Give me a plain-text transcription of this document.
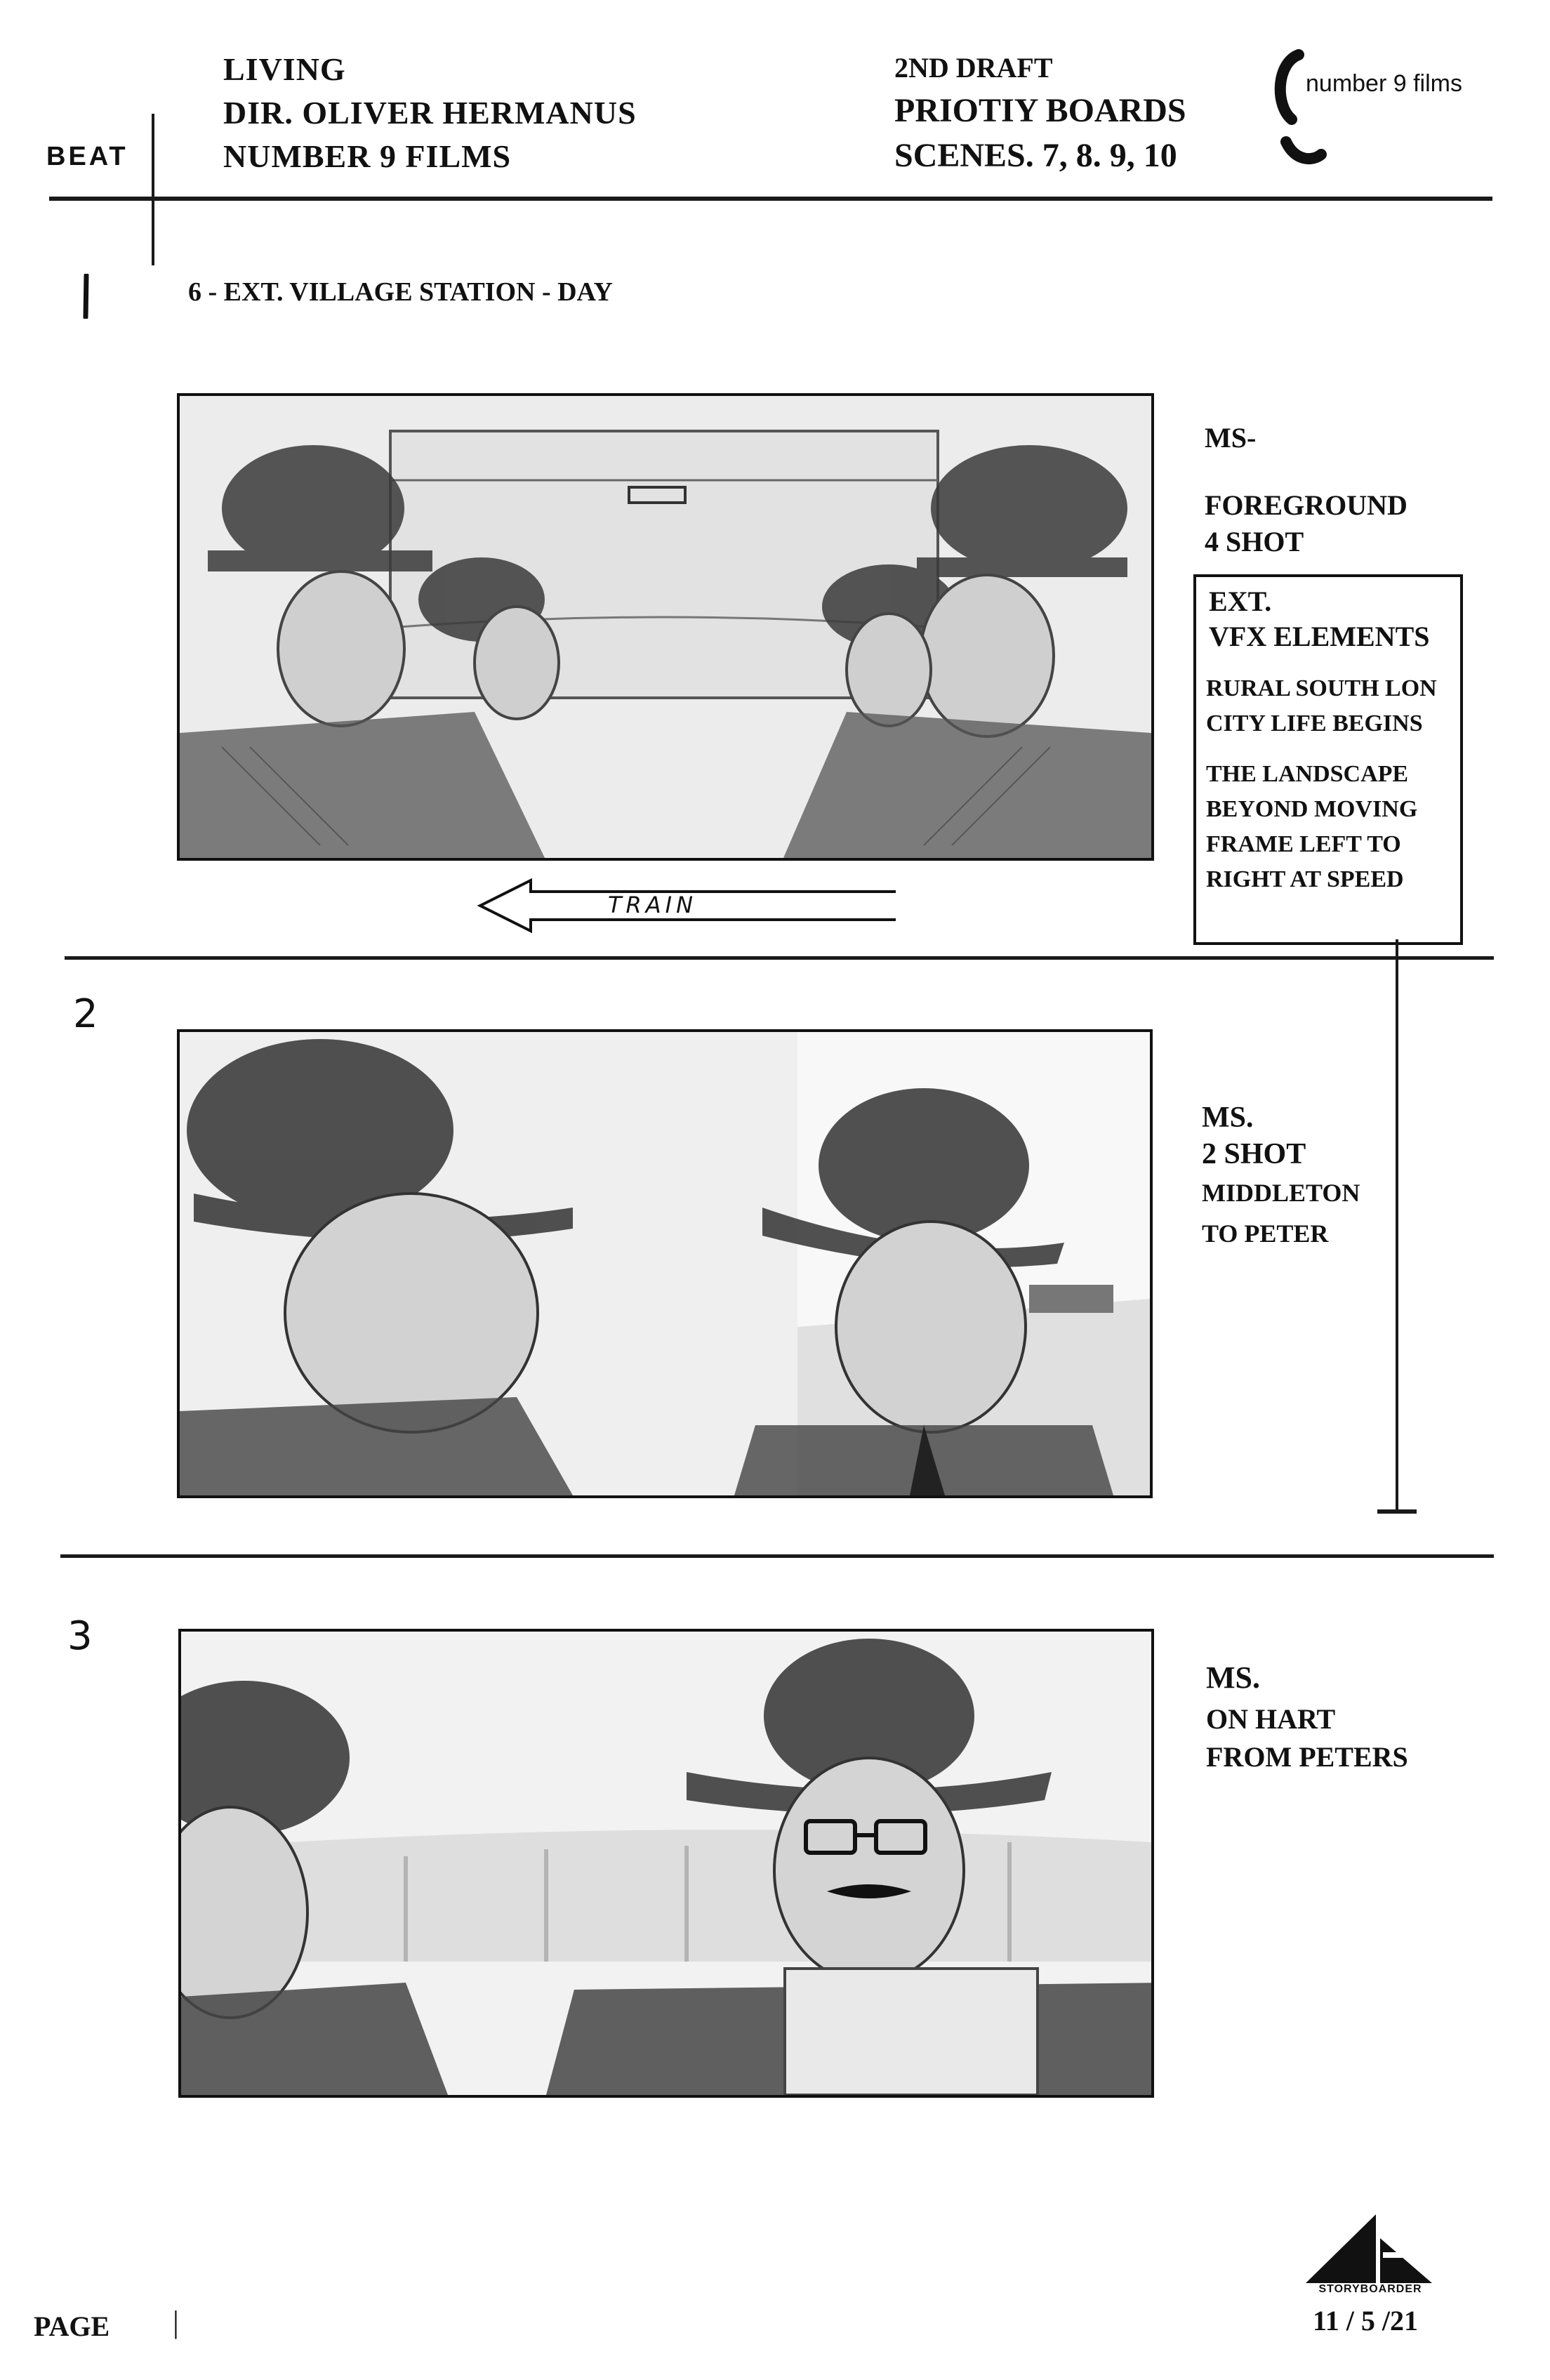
LIVING
DIR. OLIVER HERMANUS
NUMBER 9 FILMS
2ND DRAFT
PRIOTIY BOARDS
SCENES. 7, 8. 9, 10
number 9 films
BEAT
6 - EXT. VILLAGE STATION - DAY
MS-
FOREGROUND
4 SHOT
TRAIN
EXT.
VFX ELEMENTS
RURAL SOUTH LON
CITY LIFE BEGINS
THE LANDSCAPE
BEYOND MOVING
FRAME LEFT TO
RIGHT AT SPEED
2
MS.
2 SHOT
MIDDLETON
TO PETER
3
MS.
ON HART
FROM PETERS
PAGE |
STORYBOARDER
11 / 5 /21
